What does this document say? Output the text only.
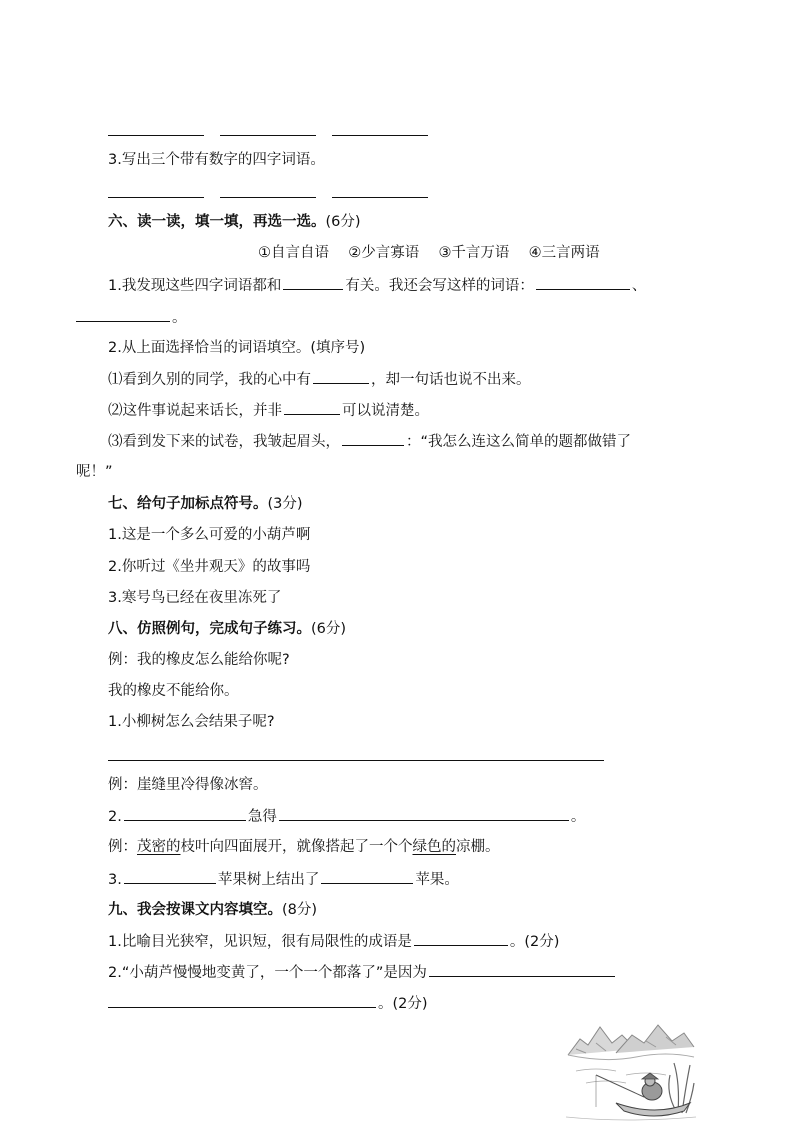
3.写出三个带有数字的四字词语。
六、读一读，填一填，再选一选。(6分)
①自言自语 ②少言寡语 ③千言万语 ④三言两语
1.我发现这些四字词语都和	有关。我还会写这样的词语：	、
。
2.从上面选择恰当的词语填空。(填序号)
⑴看到久别的同学，我的心中有	，却一句话也说不出来。
⑵这件事说起来话长，并非	可以说清楚。
⑶看到发下来的试卷，我皱起眉头，	：“我怎么连这么简单的题都做错了
呢！”
七、给句子加标点符号。(3分)
1.这是一个多么可爱的小葫芦啊
2.你听过《坐井观天》的故事吗
3.寒号鸟已经在夜里冻死了
八、仿照例句，完成句子练习。(6分)
例：我的橡皮怎么能给你呢?
我的橡皮不能给你。
1.小柳树怎么会结果子呢?
例：崖缝里冷得像冰窖。
2.	急得	。
例：茂密的枝叶向四面展开，就像搭起了一个个绿色的凉棚。
3.	苹果树上结出了	苹果。
九、我会按课文内容填空。(8分)
1.比喻目光狭窄，见识短，很有局限性的成语是	。(2分)
2.“小葫芦慢慢地变黄了，一个一个都落了”是因为
。(2分)
